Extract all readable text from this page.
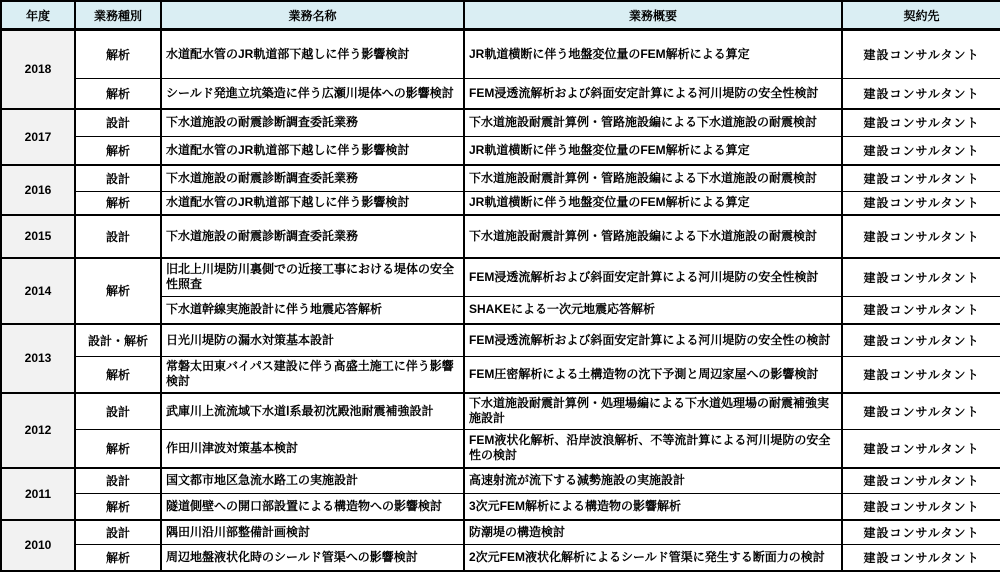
年度	業務種別	業務名称	業務概要	契約先
2018	解析	水道配水管のJR軌道部下越しに伴う影響検討	JR軌道横断に伴う地盤変位量のFEM解析による算定	建設コンサルタント
	解析	シールド発進立坑築造に伴う広瀬川堤体への影響検討	FEM浸透流解析および斜面安定計算による河川堤防の安全性検討	建設コンサルタント
2017	設計	下水道施設の耐震診断調査委託業務	下水道施設耐震計算例・管路施設編による下水道施設の耐震検討	建設コンサルタント
	解析	水道配水管のJR軌道部下越しに伴う影響検討	JR軌道横断に伴う地盤変位量のFEM解析による算定	建設コンサルタント
2016	設計	下水道施設の耐震診断調査委託業務	下水道施設耐震計算例・管路施設編による下水道施設の耐震検討	建設コンサルタント
	解析	水道配水管のJR軌道部下越しに伴う影響検討	JR軌道横断に伴う地盤変位量のFEM解析による算定	建設コンサルタント
2015	設計	下水道施設の耐震診断調査委託業務	下水道施設耐震計算例・管路施設編による下水道施設の耐震検討	建設コンサルタント
2014	解析	旧北上川堤防川裏側での近接工事における堤体の安全性照査	FEM浸透流解析および斜面安定計算による河川堤防の安全性検討	建設コンサルタント
		下水道幹線実施設計に伴う地震応答解析	SHAKEによる一次元地震応答解析	建設コンサルタント
2013	設計・解析	日光川堤防の漏水対策基本設計	FEM浸透流解析および斜面安定計算による河川堤防の安全性の検討	建設コンサルタント
	解析	常磐太田東バイパス建設に伴う髙盛土施工に伴う影響検討	FEM圧密解析による土構造物の沈下予測と周辺家屋への影響検討	建設コンサルタント
2012	設計	武庫川上流流域下水道Ⅰ系最初沈殿池耐震補強設計	下水道施設耐震計算例・処理場編による下水道処理場の耐震補強実施設計	建設コンサルタント
	解析	作田川津波対策基本検討	FEM液状化解析、沿岸波浪解析、不等流計算による河川堤防の安全性の検討	建設コンサルタント
2011	設計	国文都市地区急流水路工の実施設計	高速射流が流下する減勢施設の実施設計	建設コンサルタント
	解析	隧道側壁への開口部設置による構造物への影響検討	3次元FEM解析による構造物の影響解析	建設コンサルタント
2010	設計	隅田川沿川部整備計画検討	防潮堤の構造検討	建設コンサルタント
	解析	周辺地盤液状化時のシールド管渠への影響検討	2次元FEM液状化解析によるシールド管渠に発生する断面力の検討	建設コンサルタント
